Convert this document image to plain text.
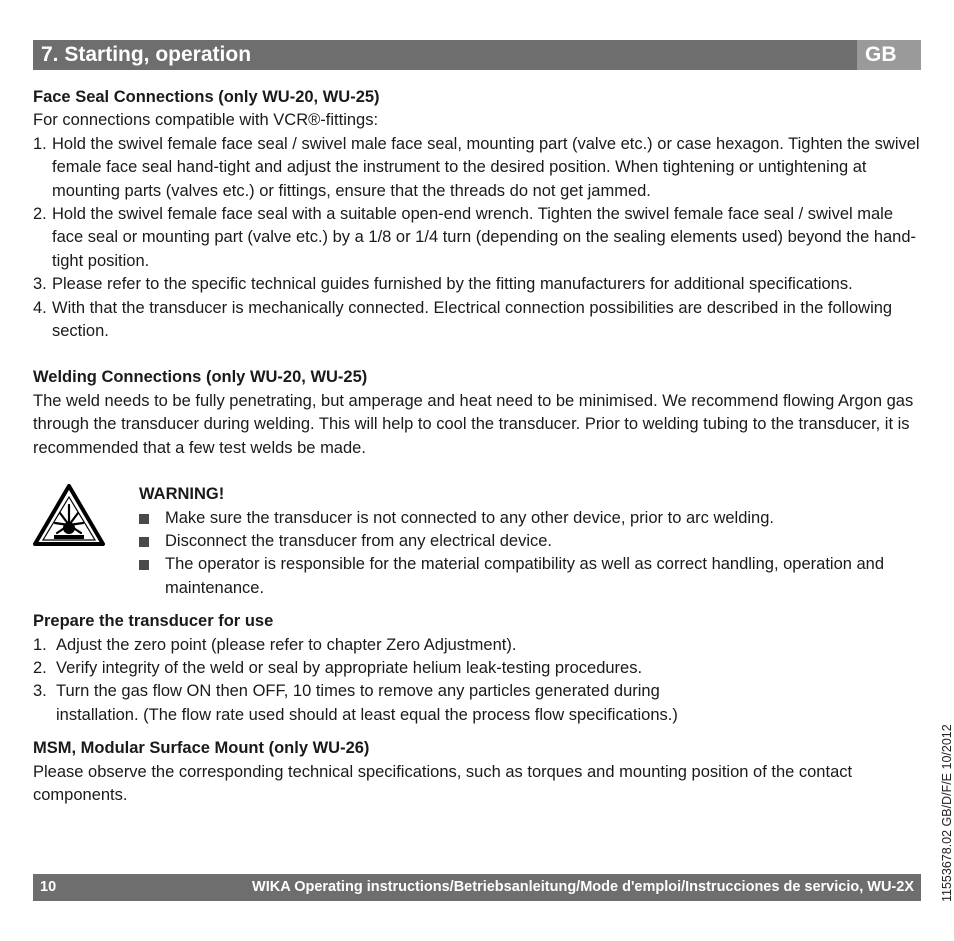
7. Starting, operation	GB
Face Seal Connections (only WU-20, WU-25)

For connections compatible with VCR®-fittings:

1. Hold the swivel female face seal / swivel male face seal, mounting part (valve etc.) or case hexagon. Tighten the swivel female face seal hand-tight and adjust the instrument to the desired position. When tightening or untightening at mounting parts (valves etc.) or fittings, ensure that the threads do not get jammed.
2. Hold the swivel female face seal with a suitable open-end wrench. Tighten the swivel female face seal / swivel male face seal or mounting part (valve etc.) by a 1/8 or 1/4 turn (depending on the sealing elements used) beyond the hand-tight position.
3. Please refer to the specific technical guides furnished by the fitting manufacturers for additional specifications.
4. With that the transducer is mechanically connected. Electrical connection possibilities are described in the following section.
Welding Connections (only WU-20, WU-25)

The weld needs to be fully penetrating, but amperage and heat need to be minimised. We recommend flowing Argon gas through the transducer during welding. This will help to cool the transducer. Prior to welding tubing to the transducer, it is recommended that a few test welds be made.

WARNING!
Make sure the transducer is not connected to any other device, prior to arc welding.
Disconnect the transducer from any electrical device.
The operator is responsible for the material compatibility as well as correct handling, operation and maintenance.
Prepare the transducer for use
1. Adjust the zero point (please refer to chapter Zero Adjustment).
2. Verify integrity of the weld or seal by appropriate helium leak-testing procedures.
3. Turn the gas flow ON then OFF, 10 times to remove any particles generated during installation. (The flow rate used should at least equal the process flow specifications.)
MSM, Modular Surface Mount (only WU-26)

Please observe the corresponding technical specifications, such as torques and mounting position of the contact components.

10	WIKA Operating instructions/Betriebsanleitung/Mode d'emploi/Instrucciones de servicio, WU-2X 11553678.02 GB/D/F/E 10/2012
